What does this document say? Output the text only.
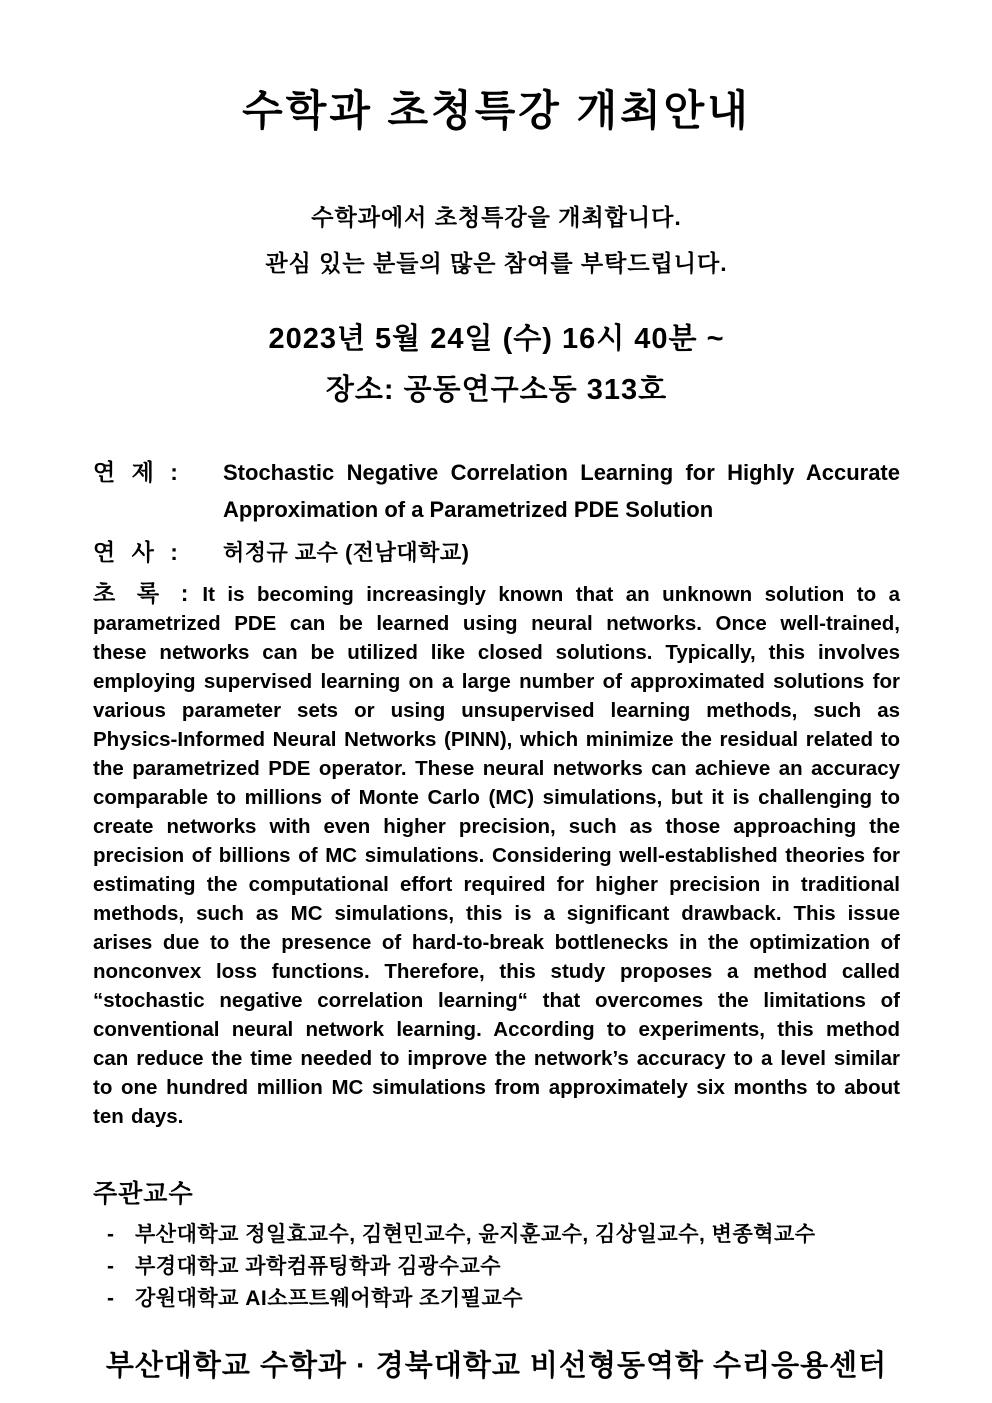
수학과 초청특강 개최안내

수학과에서 초청특강을 개최합니다.

관심 있는 분들의 많은 참여를 부탁드립니다.

2023년 5월 24일 (수) 16시 40분 ~

장소: 공동연구소동 313호

연 제 :	Stochastic Negative Correlation Learning for Highly Accurate Approximation of a Parametrized PDE Solution
연 사 :	허정규 교수 (전남대학교)

초 록 : It is becoming increasingly known that an unknown solution to a parametrized PDE can be learned using neural networks. Once well-trained, these networks can be utilized like closed solutions. Typically, this involves employing supervised learning on a large number of approximated solutions for various parameter sets or using unsupervised learning methods, such as Physics-Informed Neural Networks (PINN), which minimize the residual related to the parametrized PDE operator. These neural networks can achieve an accuracy comparable to millions of Monte Carlo (MC) simulations, but it is challenging to create networks with even higher precision, such as those approaching the precision of billions of MC simulations. Considering well-established theories for estimating the computational effort required for higher precision in traditional methods, such as MC simulations, this is a significant drawback. This issue arises due to the presence of hard-to-break bottlenecks in the optimization of nonconvex loss functions. Therefore, this study proposes a method called “stochastic negative correlation learning“ that overcomes the limitations of conventional neural network learning. According to experiments, this method can reduce the time needed to improve the network’s accuracy to a level similar to one hundred million MC simulations from approximately six months to about ten days.

주관교수
- 부산대학교 정일효교수, 김현민교수, 윤지훈교수, 김상일교수, 변종혁교수
- 부경대학교 과학컴퓨팅학과 김광수교수
- 강원대학교 AI소프트웨어학과 조기필교수

부산대학교 수학과 · 경북대학교 비선형동역학 수리응용센터
